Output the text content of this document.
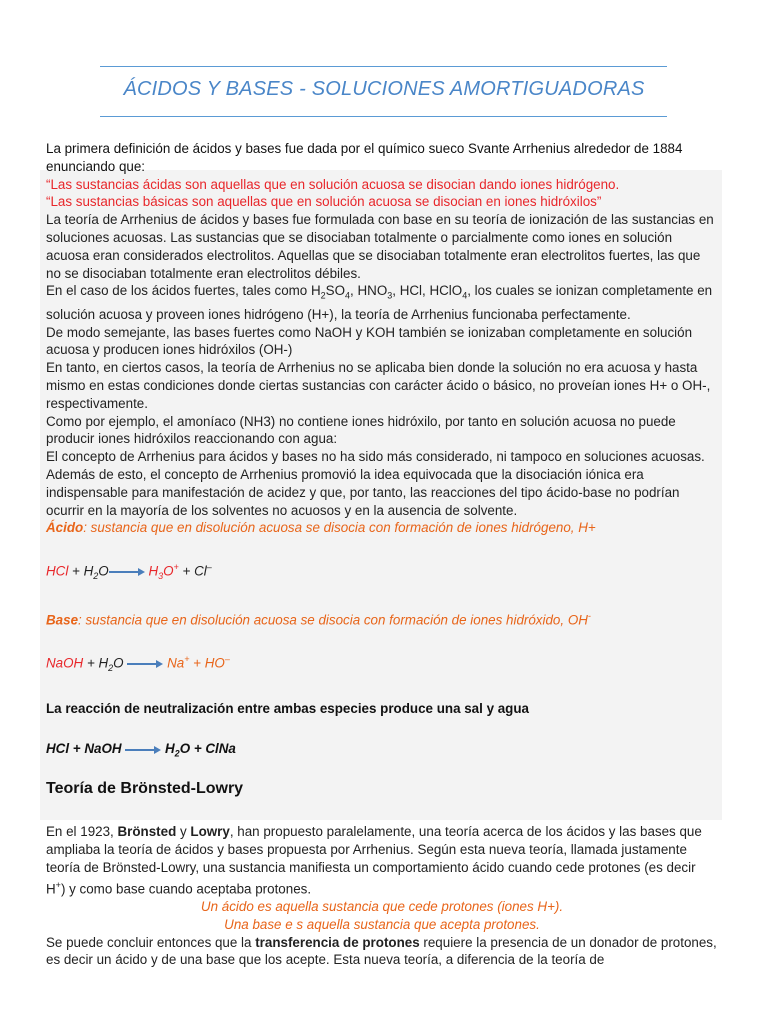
ÁCIDOS Y BASES - SOLUCIONES AMORTIGUADORAS

La primera definición de ácidos y bases fue dada por el químico sueco Svante Arrhenius alrededor de 1884 enunciando que:

“Las sustancias ácidas son aquellas que en solución acuosa se disocian dando iones hidrógeno.

“Las sustancias básicas son aquellas que en solución acuosa se disocian en iones hidróxilos”

La teoría de Arrhenius de ácidos y bases fue formulada con base en su teoría de ionización de las sustancias en soluciones acuosas. Las sustancias que se disociaban totalmente o parcialmente como iones en solución acuosa eran considerados electrolitos. Aquellas que se disociaban totalmente eran electrolitos fuertes, las que no se disociaban totalmente eran electrolitos débiles.

En el caso de los ácidos fuertes, tales como $H_2SO_4$, $HNO_3$, HCl, HClO$_4$, los cuales se ionizan completamente en solución acuosa y proveen iones hidrógeno (H+), la teoría de Arrhenius funcionaba perfectamente.

De modo semejante, las bases fuertes como NaOH y KOH también se ionizaban completamente en solución acuosa y producen iones hidróxilos (OH-)

En tanto, en ciertos casos, la teoría de Arrhenius no se aplicaba bien donde la solución no era acuosa y hasta mismo en estas condiciones donde ciertas sustancias con carácter ácido o básico, no proveían iones H+ o OH-, respectivamente.

Como por ejemplo, el amoníaco (NH3) no contiene iones hidróxilo, por tanto en solución acuosa no puede producir iones hidróxilos reaccionando con agua:

El concepto de Arrhenius para ácidos y bases no ha sido más considerado, ni tampoco en soluciones acuosas.

Además de esto, el concepto de Arrhenius promovió la idea equivocada que la disociación iónica era indispensable para manifestación de acidez y que, por tanto, las reacciones del tipo ácido-base no podrían ocurrir en la mayoría de los solventes no acuosos y en la ausencia de solvente.

Ácido: sustancia que en disolución acuosa se disocia con formación de iones hidrógeno, H+

HCl + $H_2O\to H_3O^+ + Cl^-$

Base: sustancia que en disolución acuosa se disocia con formación de iones hidróxido, OH-

NaOH + $H_2O \to Na^+ + HO^-$

La reacción de neutralización entre ambas especies produce una sal y agua

HCl + NaOH → $H_2O$ + ClNa

Teoría de Brönsted-Lowry

En el 1923, Brönsted y Lowry, han propuesto paralelamente, una teoría acerca de los ácidos y las bases que ampliaba la teoría de ácidos y bases propuesta por Arrhenius. Según esta nueva teoría, llamada justamente teoría de Brönsted-Lowry, una sustancia manifiesta un comportamiento ácido cuando cede protones (es decir H+) y como base cuando aceptaba protones.

Un ácido es aquella sustancia que cede protones (iones H+).

Una base e s aquella sustancia que acepta protones.

Se puede concluir entonces que la transferencia de protones requiere la presencia de un donador de protones, es decir un ácido y de una base que los acepte. Esta nueva teoría, a diferencia de la teoría de
